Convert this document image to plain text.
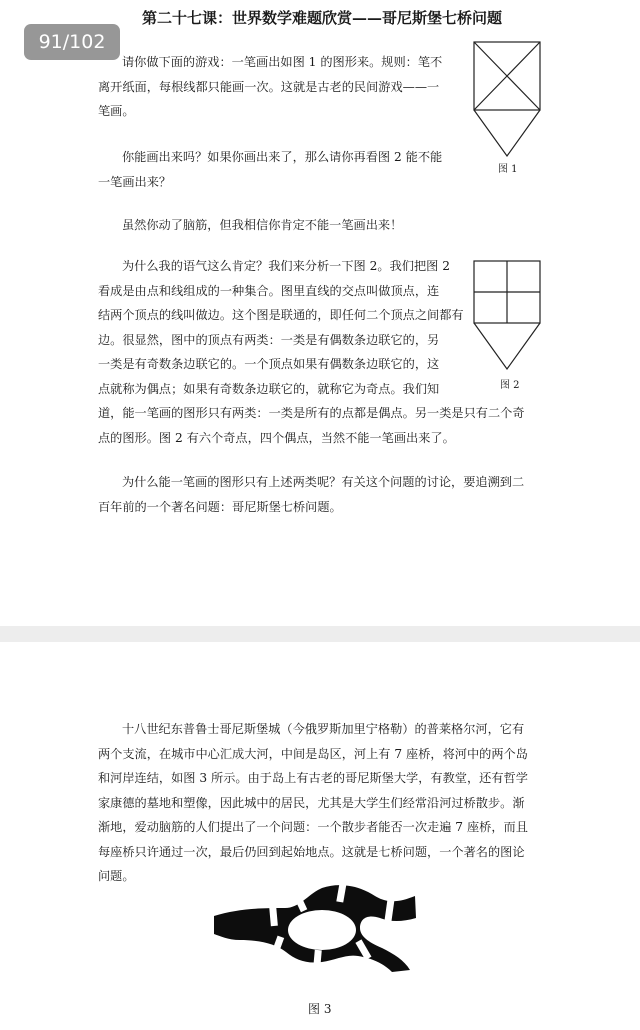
第二十七课：世界数学难题欣赏——哥尼斯堡七桥问题
请你做下面的游戏：一笔画出如图 1 的图形来。规则：笔不
离开纸面，每根线都只能画一次。这就是古老的民间游戏——一
笔画。
你能画出来吗？如果你画出来了，那么请你再看图 2 能不能
一笔画出来？
虽然你动了脑筋，但我相信你肯定不能一笔画出来！
为什么我的语气这么肯定？我们来分析一下图 2。我们把图 2
看成是由点和线组成的一种集合。图里直线的交点叫做顶点，连
结两个顶点的线叫做边。这个图是联通的，即任何二个顶点之间都有
边。很显然，图中的顶点有两类：一类是有偶数条边联它的，另
一类是有奇数条边联它的。一个顶点如果有偶数条边联它的，这
点就称为偶点；如果有奇数条边联它的，就称它为奇点。我们知
道，能一笔画的图形只有两类：一类是所有的点都是偶点。另一类是只有二个奇
点的图形。图 2 有六个奇点，四个偶点，当然不能一笔画出来了。
为什么能一笔画的图形只有上述两类呢？有关这个问题的讨论，要追溯到二
百年前的一个著名问题：哥尼斯堡七桥问题。
图 1
图 2
十八世纪东普鲁士哥尼斯堡城（今俄罗斯加里宁格勒）的普莱格尔河，它有
两个支流，在城市中心汇成大河，中间是岛区，河上有 7 座桥，将河中的两个岛
和河岸连结，如图 3 所示。由于岛上有古老的哥尼斯堡大学，有教堂，还有哲学
家康德的墓地和塑像，因此城中的居民，尤其是大学生们经常沿河过桥散步。渐
渐地，爱动脑筋的人们提出了一个问题：一个散步者能否一次走遍 7 座桥，而且
每座桥只许通过一次，最后仍回到起始地点。这就是七桥问题，一个著名的图论
问题。
图 3
91/102
